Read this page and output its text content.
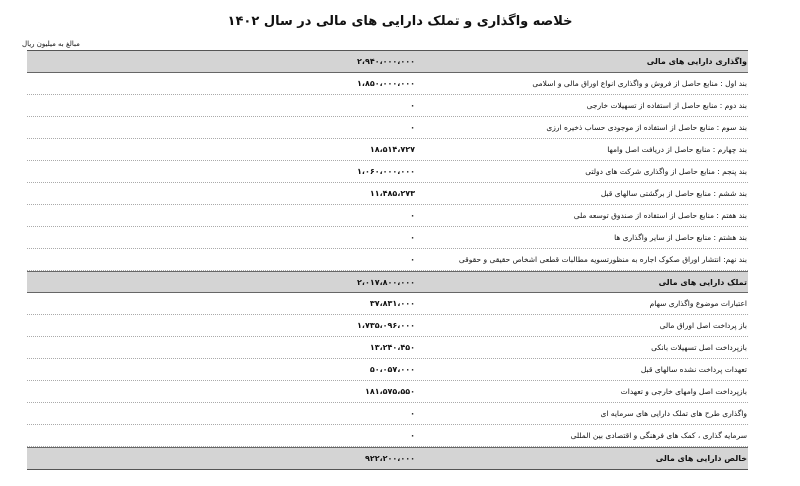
خلاصه واگذاری و تملک دارایی های مالی در سال ۱۴۰۲
مبالغ به میلیون ریال
واگذاری دارایی های مالی
۲،۹۴۰،۰۰۰،۰۰۰
بند اول : منابع حاصل از فروش و واگذاری انواع اوراق مالی و اسلامی
۱،۸۵۰،۰۰۰،۰۰۰
بند دوم : منابع حاصل از استفاده از تسهیلات خارجی
۰
بند سوم : منابع حاصل از استفاده از موجودی حساب ذخیره ارزی
۰
بند چهارم : منابع حاصل از دریافت اصل وامها
۱۸،۵۱۴،۷۲۷
بند پنجم : منابع حاصل از واگذاری شرکت های دولتی
۱،۰۶۰،۰۰۰،۰۰۰
بند ششم : منابع حاصل از برگشتی سالهای قبل
۱۱،۴۸۵،۲۷۳
بند هفتم : منابع حاصل از استفاده از صندوق توسعه ملی
۰
بند هشتم : منابع حاصل از سایر واگذاری ها
۰
بند نهم: انتشار اوراق صکوک اجاره به منظورتسویه مطالبات قطعی اشخاص حقیقی و حقوقی
۰
تملک دارایی های مالی
۲،۰۱۷،۸۰۰،۰۰۰
اعتبارات موضوع واگذاری سهام
۳۷،۸۳۱،۰۰۰
باز پرداخت اصل اوراق مالی
۱،۷۳۵،۰۹۶،۰۰۰
بازپرداخت اصل تسهیلات بانکی
۱۳،۲۴۰،۴۵۰
تعهدات پرداخت نشده سالهای قبل
۵۰،۰۵۷،۰۰۰
بازپرداخت اصل وامهای خارجی و تعهدات
۱۸۱،۵۷۵،۵۵۰
واگذاری طرح های تملک دارایی های سرمایه ای
۰
سرمایه گذاری ، کمک های فرهنگی و اقتصادی بین المللی
۰
خالص دارایی های مالی
۹۲۲،۲۰۰،۰۰۰
